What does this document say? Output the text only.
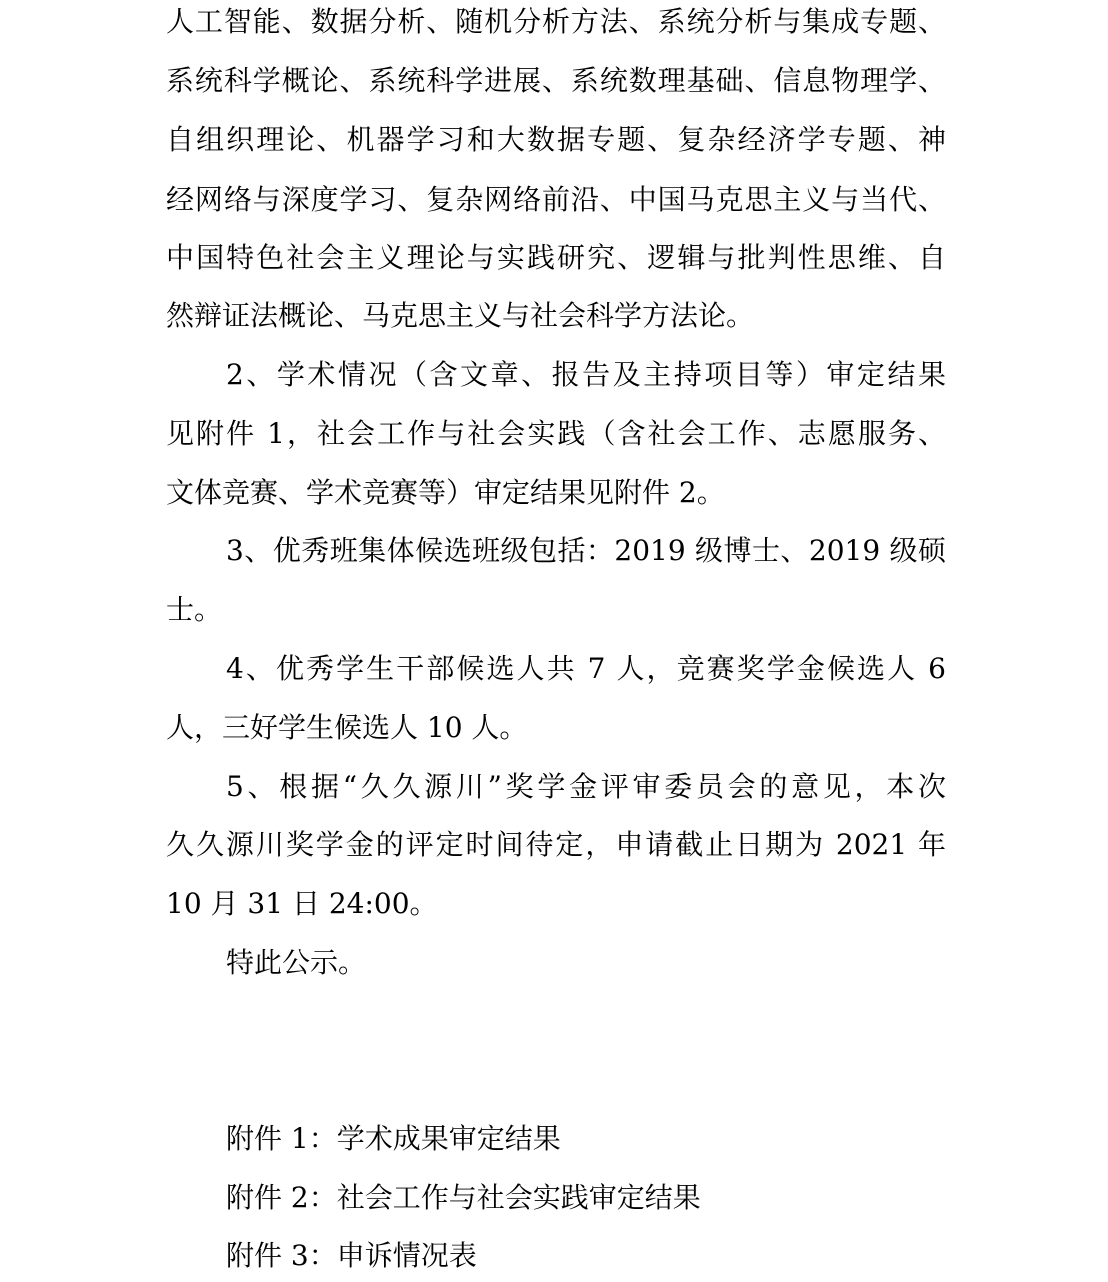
人工智能、数据分析、随机分析方法、系统分析与集成专题、
系统科学概论、系统科学进展、系统数理基础、信息物理学、
自组织理论、机器学习和大数据专题、复杂经济学专题、神
经网络与深度学习、复杂网络前沿、中国马克思主义与当代、
中国特色社会主义理论与实践研究、逻辑与批判性思维、自
然辩证法概论、马克思主义与社会科学方法论。
2、学术情况（含文章、报告及主持项目等）审定结果
见附件 1，社会工作与社会实践（含社会工作、志愿服务、
文体竞赛、学术竞赛等）审定结果见附件 2。
3、优秀班集体候选班级包括：2019 级博士、2019 级硕
士。
4、优秀学生干部候选人共 7 人，竞赛奖学金候选人 6
人，三好学生候选人 10 人。
5、根据“久久源川”奖学金评审委员会的意见，本次
久久源川奖学金的评定时间待定，申请截止日期为 2021 年
10 月 31 日 24:00。
特此公示。
附件 1：学术成果审定结果
附件 2：社会工作与社会实践审定结果
附件 3：申诉情况表
